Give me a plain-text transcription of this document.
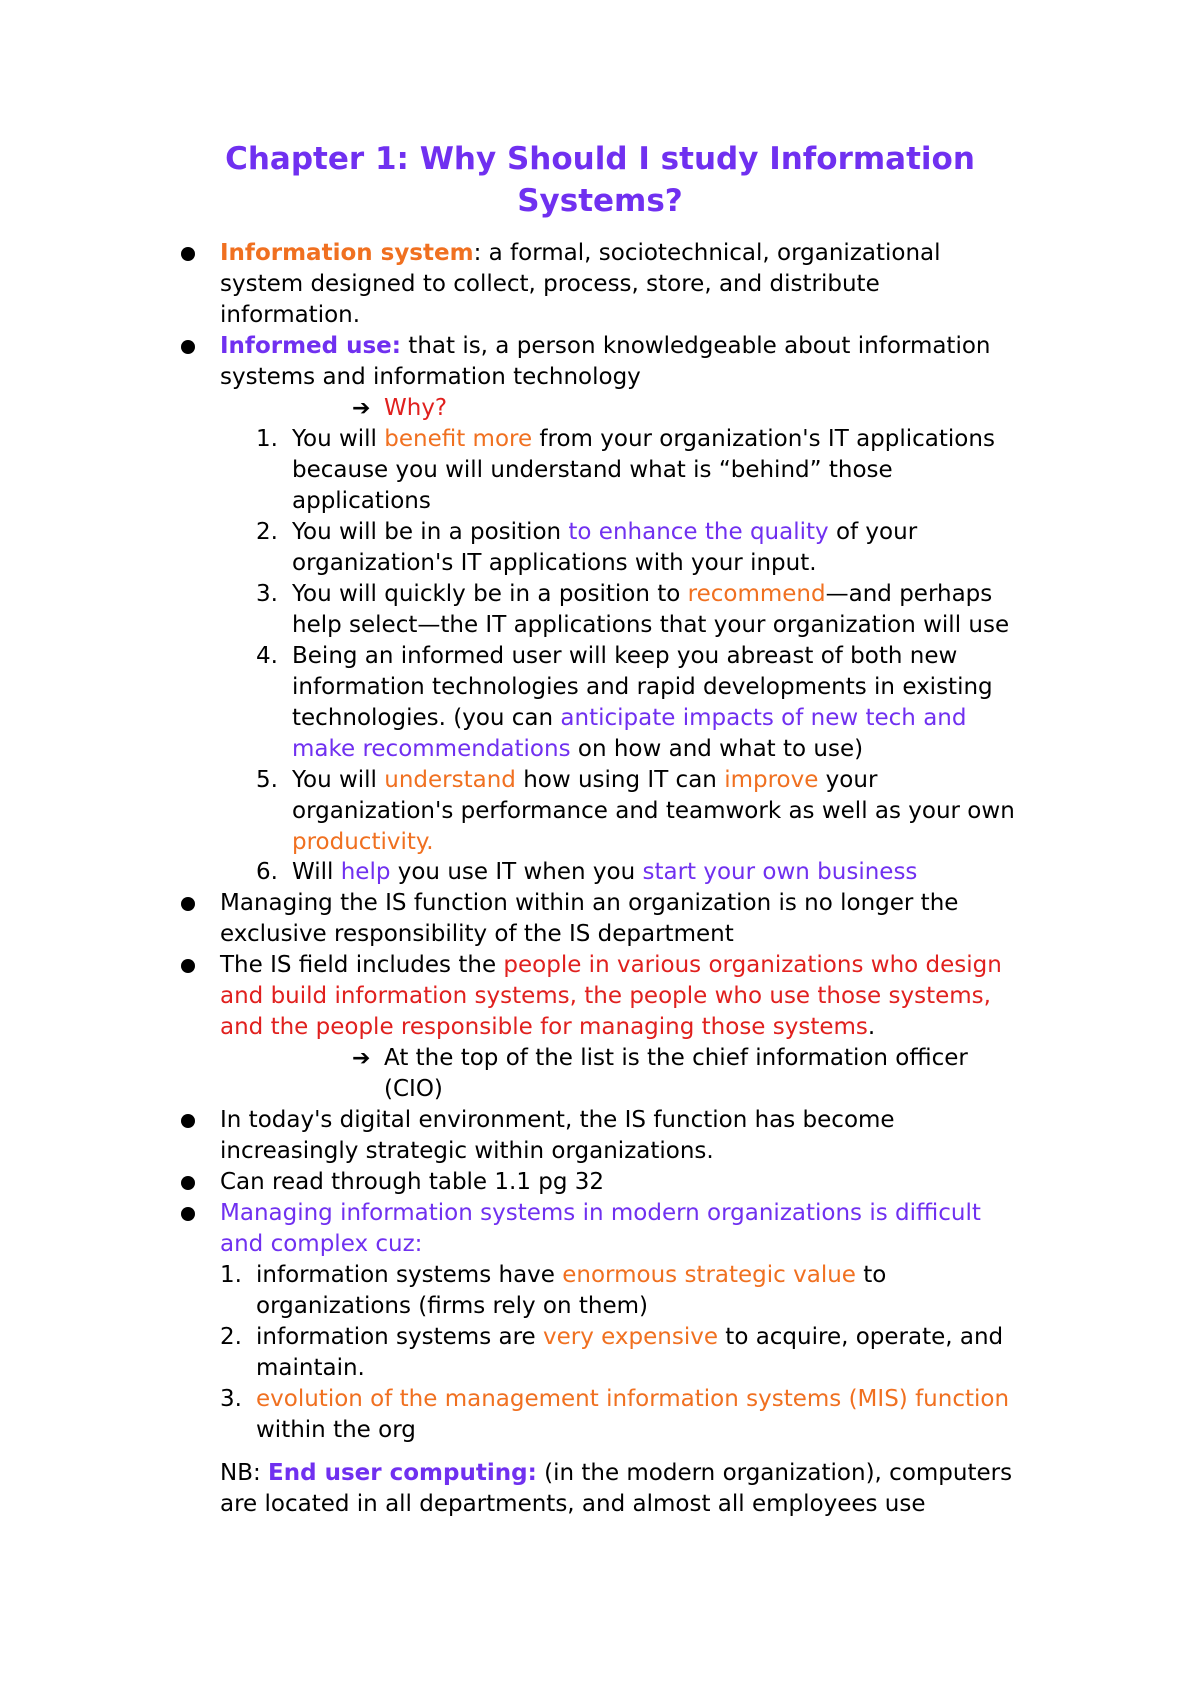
Chapter 1: Why Should I study Information Systems?
Information system: a formal, sociotechnical, organizational
system designed to collect, process, store, and distribute
information.
Informed use: that is, a person knowledgeable about information
systems and information technology
➔ Why?
1. You will benefit more from your organization's IT applications
because you will understand what is “behind” those
applications
2. You will be in a position to enhance the quality of your
organization's IT applications with your input.
3. You will quickly be in a position to recommend—and perhaps
help select—the IT applications that your organization will use
4. Being an informed user will keep you abreast of both new
information technologies and rapid developments in existing
technologies. (you can anticipate impacts of new tech and
make recommendations on how and what to use)
5. You will understand how using IT can improve your
organization's performance and teamwork as well as your own
productivity.
6. Will help you use IT when you start your own business
Managing the IS function within an organization is no longer the
exclusive responsibility of the IS department
The IS field includes the people in various organizations who design
and build information systems, the people who use those systems,
and the people responsible for managing those systems.
➔ At the top of the list is the chief information officer
(CIO)
In today's digital environment, the IS function has become
increasingly strategic within organizations.
Can read through table 1.1 pg 32
Managing information systems in modern organizations is difficult
and complex cuz:
1. information systems have enormous strategic value to
organizations (firms rely on them)
2. information systems are very expensive to acquire, operate, and
maintain.
3. evolution of the management information systems (MIS) function
within the org
NB: End user computing: (in the modern organization), computers
are located in all departments, and almost all employees use
